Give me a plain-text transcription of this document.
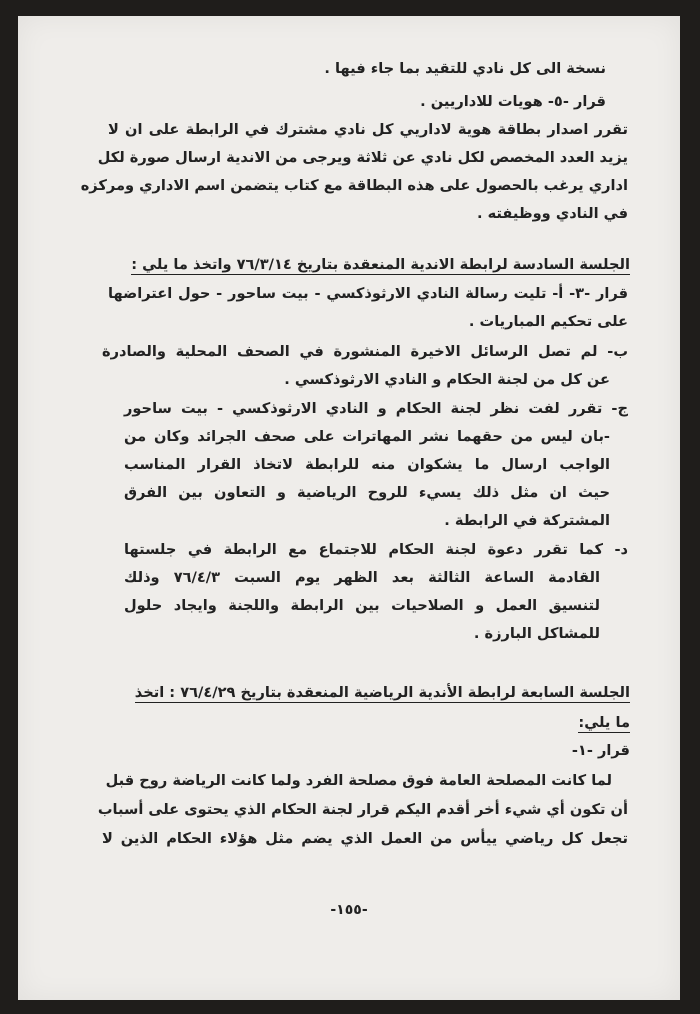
نسخة الى كل نادي للتقيد بما جاء فيها .
قرار -٥- هويات للاداريين .
تقرر اصدار بطاقة هوية لاداريي كل نادي مشترك في الرابطة على ان لا
يزيد العدد المخصص لكل نادي عن ثلاثة ويرجى من الاندية ارسال صورة لكل
اداري يرغب بالحصول على هذه البطاقة مع كتاب يتضمن اسم الاداري ومركزه
في النادي ووظيفته .
الجلسة السادسة لرابطة الاندية المنعقدة بتاريخ ٧٦/٣/١٤ واتخذ ما يلي :
قرار -٣- أ- تليت رسالة النادي الارثوذكسي - بيت ساحور - حول اعتراضها
على تحكيم المباريات .
ب- لم تصل الرسائل الاخيرة المنشورة في الصحف المحلية والصادرة
عن كل من لجنة الحكام و النادي الارثوذكسي .
ج- تقرر لفت نظر لجنة الحكام و النادي الارثوذكسي - بيت ساحور
-بان ليس من حقهما نشر المهاترات على صحف الجرائد وكان من
الواجب ارسال ما يشكوان منه للرابطة لاتخاذ القرار المناسب
حيث ان مثل ذلك يسيء للروح الرياضية و التعاون بين الفرق
المشتركة في الرابطة .
د- كما تقرر دعوة لجنة الحكام للاجتماع مع الرابطة في جلستها
القادمة الساعة الثالثة بعد الظهر يوم السبت ٧٦/٤/٣ وذلك
لتنسيق العمل و الصلاحيات بين الرابطة واللجنة وايجاد حلول
للمشاكل البارزة .
الجلسة السابعة لرابطة الأندية الرياضية المنعقدة بتاريخ ٧٦/٤/٢٩ : اتخذ
ما يلي:
قرار -١-
لما كانت المصلحة العامة فوق مصلحة الفرد ولما كانت الرياضة روح قبل
أن تكون أي شيء أخر أقدم اليكم قرار لجنة الحكام الذي يحتوى على أسباب
تجعل كل رياضي ييأس من العمل الذي يضم مثل هؤلاء الحكام الذين لا
-١٥٥-
